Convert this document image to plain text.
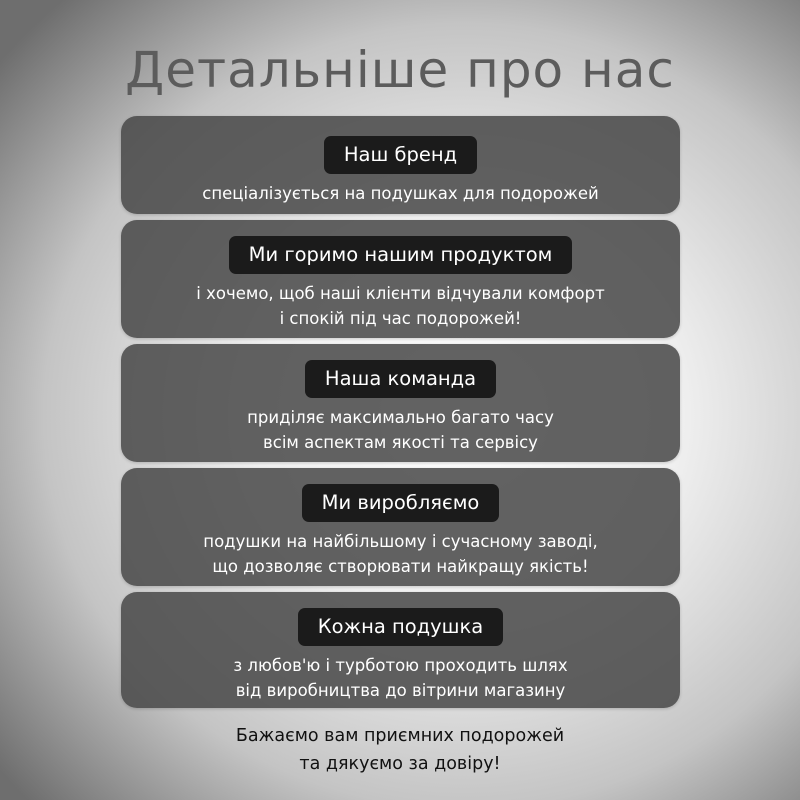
Детальніше про нас
Наш бренд
спеціалізується на подушках для подорожей
Ми горимо нашим продуктом
і хочемо, щоб наші клієнти відчували комфорт
і спокій під час подорожей!
Наша команда
приділяє максимально багато часу
всім аспектам якості та сервісу
Ми виробляємо
подушки на найбільшому і сучасному заводі,
що дозволяє створювати найкращу якість!
Кожна подушка
з любов'ю і турботою проходить шлях
від виробництва до вітрини магазину
Бажаємо вам приємних подорожей
та дякуємо за довіру!
